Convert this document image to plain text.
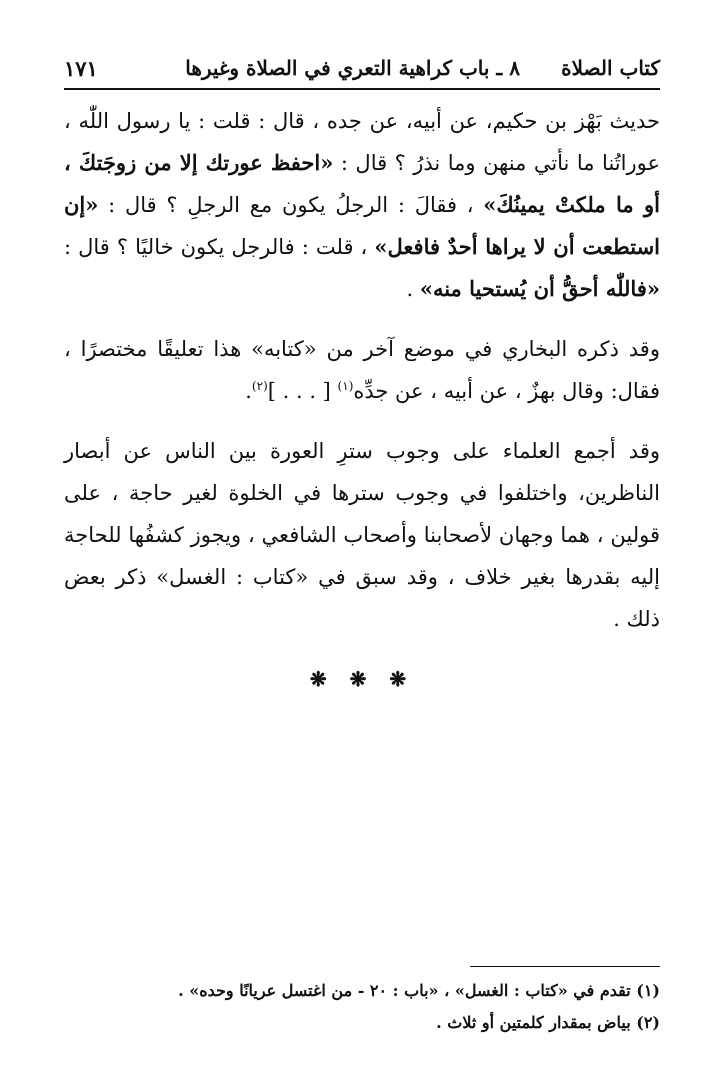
كتاب الصلاة
٨ ـ باب كراهية التعري في الصلاة وغيرها
١٧١

حديث بَهْز بن حكيم، عن أبيه، عن جده ، قال : قلت : يا رسول اللّٰه ، عوراتُنا ما نأتي منهن وما نذرُ ؟ قال : «احفظ عورتك إلا من زوجَتكَ ، أو ما ملكتْ يمينُكَ» ، فقالَ : الرجلُ يكون مع الرجلِ ؟ قال : «إن استطعت أن لا يراها أحدٌ فافعل» ، قلت : فالرجل يكون خاليًا ؟ قال : «فاللّٰه أحقُّ أن يُستحيا منه» .

وقد ذكره البخاري في موضع آخر من «كتابه» هذا تعليقًا مختصرًا ، فقال: وقال بهزٌ ، عن أبيه ، عن جدِّه$^{(١)}$ [ . . . ]$^{(٢)}$.

وقد أجمع العلماء على وجوب سترِ العورة بين الناس عن أبصار الناظرين، واختلفوا في وجوب سترها في الخلوة لغير حاجة ، على قولين ، هما وجهان لأصحابنا وأصحاب الشافعي ، ويجوز كشفُها للحاجة إليه بقدرها بغير خلاف ، وقد سبق في «كتاب : الغسل» ذكر بعض ذلك .

❋ ❋ ❋
(١) تقدم في «كتاب : الغسل» ، «باب : ٢٠ - من اغتسل عريانًا وحده» .
(٢) بياض بمقدار كلمتين أو ثلاث .
